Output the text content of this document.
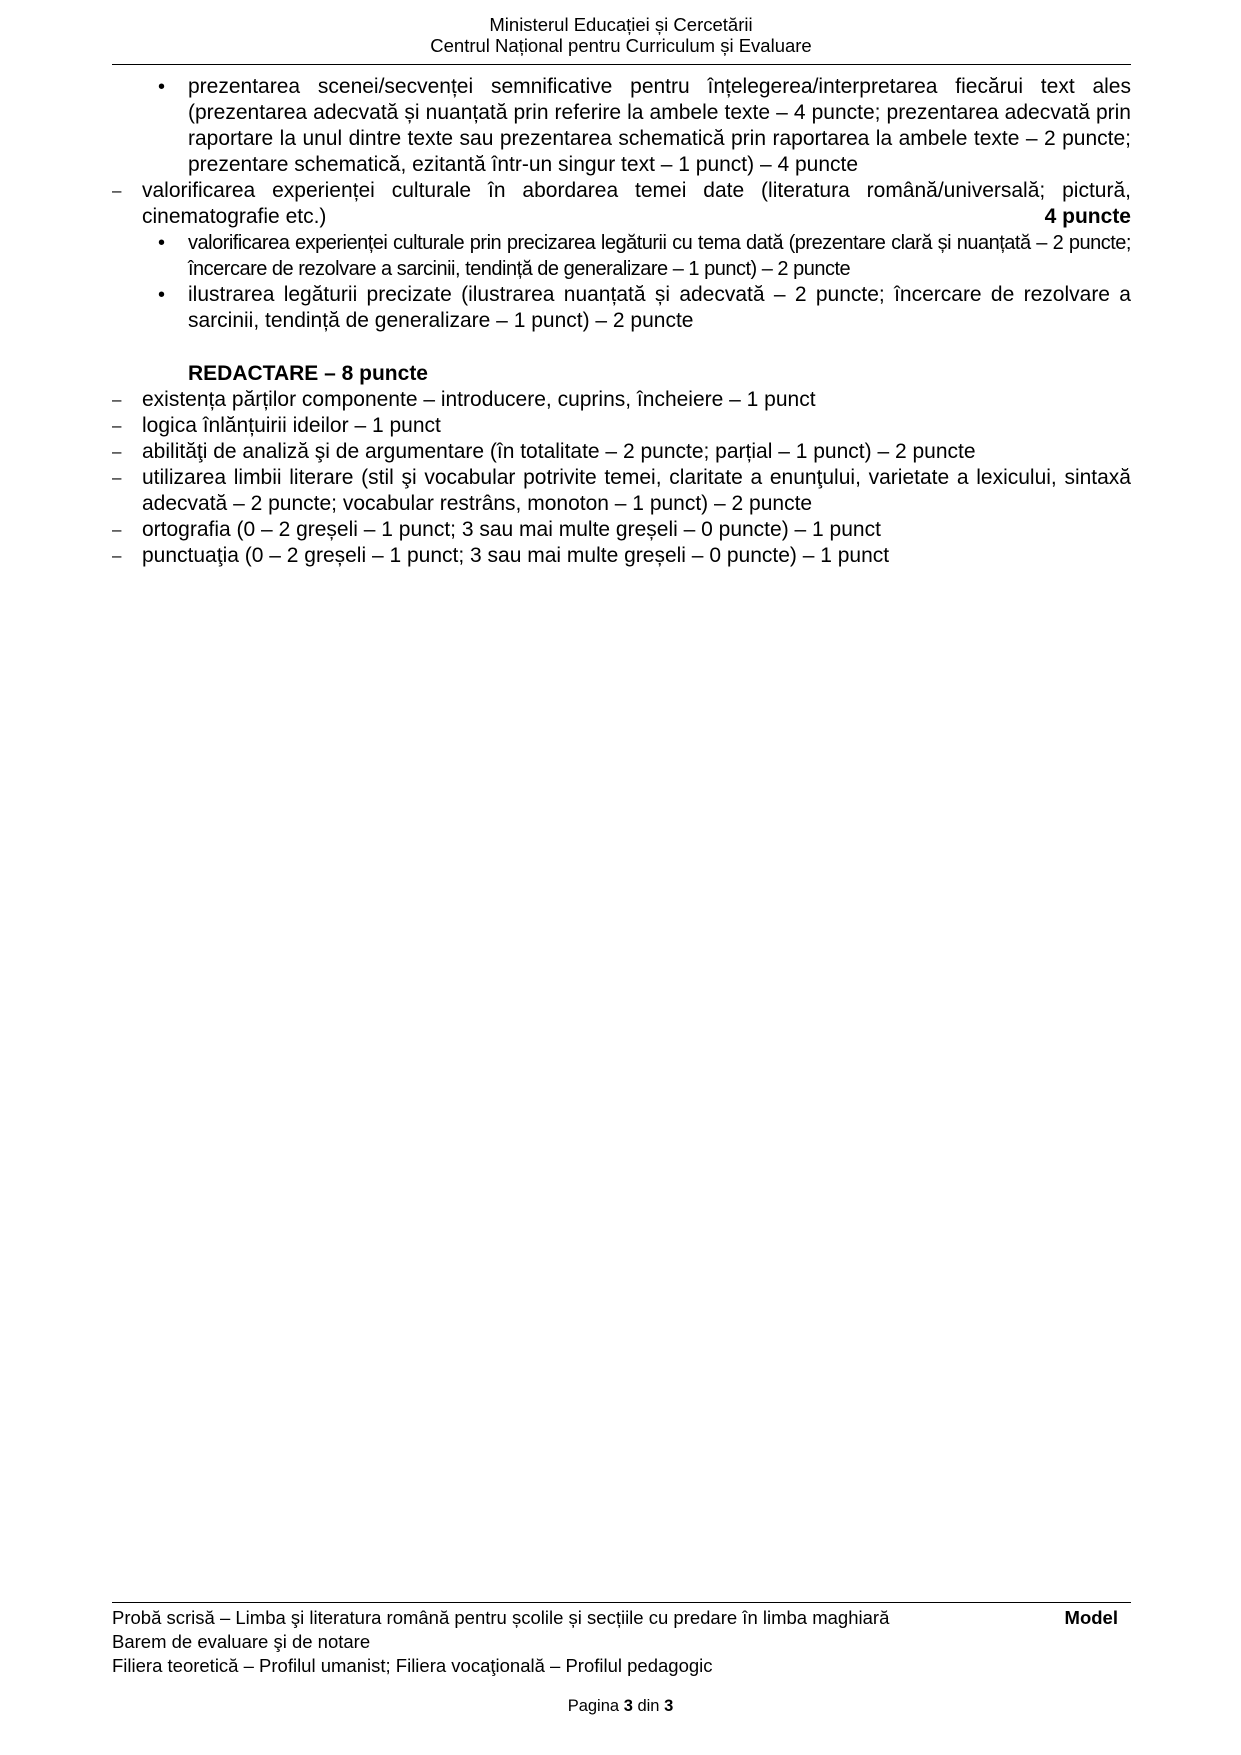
Ministerul Educației și Cercetării
Centrul Național pentru Curriculum și Evaluare
• prezentarea scenei/secvenței semnificative pentru înțelegerea/interpretarea fiecărui text ales (prezentarea adecvată și nuanțată prin referire la ambele texte – 4 puncte; prezentarea adecvată prin raportare la unul dintre texte sau prezentarea schematică prin raportarea la ambele texte – 2 puncte; prezentare schematică, ezitantă într-un singur text – 1 punct) – 4 puncte
– valorificarea experienței culturale în abordarea temei date (literatura română/universală; pictură, cinematografie etc.)	4 puncte
• valorificarea experienței culturale prin precizarea legăturii cu tema dată (prezentare clară și nuanțată – 2 puncte; încercare de rezolvare a sarcinii, tendință de generalizare – 1 punct) – 2 puncte
• ilustrarea legăturii precizate (ilustrarea nuanțată și adecvată – 2 puncte; încercare de rezolvare a sarcinii, tendință de generalizare – 1 punct) – 2 puncte
REDACTARE – 8 puncte
– existența părților componente – introducere, cuprins, încheiere – 1 punct
– logica înlănțuirii ideilor – 1 punct
– abilităţi de analiză şi de argumentare (în totalitate – 2 puncte; parțial – 1 punct) – 2 puncte
– utilizarea limbii literare (stil şi vocabular potrivite temei, claritate a enunţului, varietate a lexicului, sintaxă adecvată – 2 puncte; vocabular restrâns, monoton – 1 punct) – 2 puncte
– ortografia (0 – 2 greșeli – 1 punct; 3 sau mai multe greșeli – 0 puncte) – 1 punct
– punctuaţia (0 – 2 greșeli – 1 punct; 3 sau mai multe greșeli – 0 puncte) – 1 punct
Probă scrisă – Limba şi literatura română pentru școlile și secțiile cu predare în limba maghiară	Model
Barem de evaluare şi de notare
Filiera teoretică – Profilul umanist; Filiera vocaţională – Profilul pedagogic
Pagina 3 din 3
